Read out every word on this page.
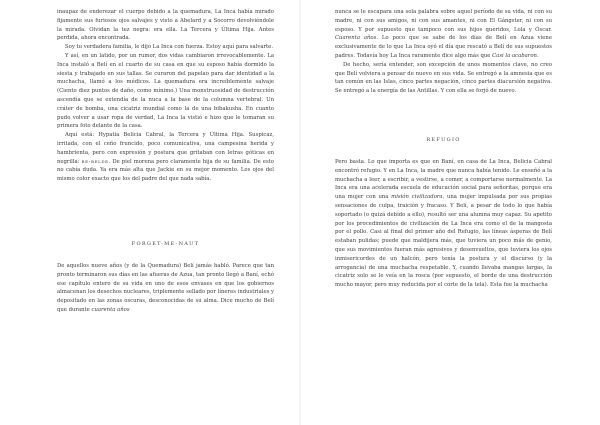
inaupaz de enderezar el cuerpo debido a la quemadura, La Inca había mirado fijamente sus furiosos ojos salvajes y visto a Abelard y a Socorro devolviéndole la mirada. Olvidan la tez negra: era ella. La Tercera y Última Hija. Antes perdida, ahora encontrada.

Soy tu verdadera familia, le dijo La Inca con fuerza. Estoy aquí para salvarte.

Y así, en un latido, por un rumor, dos vidas cambiaron irrevocablemente. La Inca instaló a Belí en el cuarto de su casa en que su esposo había dormido la siesta y trabajado en sus tallas. Se curaron del papelao para dar identidad a la muchacha, llamó a los médicos. La quemadura era increíblemente salvaje (Ciento diez puntos de daño, como mínimo.) Una monstruosidad de destrucción ascendía que se extendía de la nuca a la base de la columna vertebral. Un cráter de bomba, una cicatriz mundial como la de una bibakusha. En cuanto pudo volver a usar ropa de verdad, La Inca la vistió e hizo que le tomaran su primera foto delante de la casa.

Aquí está: Hypatia Belicia Cabral, la Tercera y Última Hija. Suspicaz, irritada, con el ceño fruncido, poco comunicativa, una campesina herida y hambrienta, pero con expresión y postura que gritaban con letras góticas en negrilla: re-belde. De piel morena pero claramente hija de su familia. De esto no cabía duda. Ya era más alta que Jackie en su mejor momento. Los ojos del mismo color exacto que los del padre del que nada sabía.

FORGET-ME-NAUT

De aquellos nueve años (y de la Quemadura) Belí jamás habló. Parece que tan pronto terminaron sus días en las afueras de Azua, tan pronto llegó a Baní, echó ese capítulo entero de su vida en uno de esos envases en que los gobiernos almacenan los desechos nucleares, triplemente sellado por líneres industriales y depositado en las zonas oscuras, desconocidas de su alma. Dice mucho de Belí que durante cuarenta años

nunca se le escapara una sola palabra sobre aquel período de su vida, ni con su madre, ni con sus amigos, ni con sus amantes, ni con El Gángster, ni con su esposo. Y por supuesto que tampoco con sus hijos queridos, Lola y Óscar. Cuarenta años. Lo poco que se sabe de los días de Belí en Azua viene exclusivamente de lo que La Inca oyó el día que rescató a Belí de sus supuestos padres. Todavía hoy La Inca raramente dice algo más que Casi la acabaron.

De hecho, sería entender, son excepción de unos momentos clave, no creo que Belí volviera a pensar de nuevo en sus vida. Se entregó a la amnesia que es tan común en las Islas, cinco partes negación, cinco partes diacursión negativa. Se entregó a la energía de las Antillas. Y con ella se forjó de nuevo.

REFUGIO

Pero basta. Lo que importa es que en Baní, en casa de La Inca, Belicia Cabral encontró refugio. Y en La Inca, la madre que nunca había tenido. Le enseñó a la muchacha a leer, a escribir, a vestirse, a comer, a comportarse normalmente. La Inca era una acelerada escuela de educación social para señoritas, porque era una mujer con una misión civilizadora, una mujer impulsada por sus propias sensaciones de culpa, traición y fracaso. Y Belí, a pesar de todo lo que había soportado (o quizá debido a ello), resultó ser una alumna muy capaz. Su apetito por los procedimientos de civilización de La Inca era como el de la mangosta por el pollo. Casi al final del primer año del Refugio, las líneas ásperas de Belí estaban pulidas; puede que maldijera más, que tuviera un poco más de genio, que sus movimientos fueran más agresivos y desenvueltos, que tuviera los ojos inmisericordes de un halcón, pero tenía la postura y el discurso (y la arrogancia) de una muchacha respetable. Y, cuando llevaba mangas largas, la cicatriz solo se le veía en la rosca (por supuesto, el borde de una destrucción mucho mayor, pero muy reducida por el corte de la tela). Esta fue la muchacha
